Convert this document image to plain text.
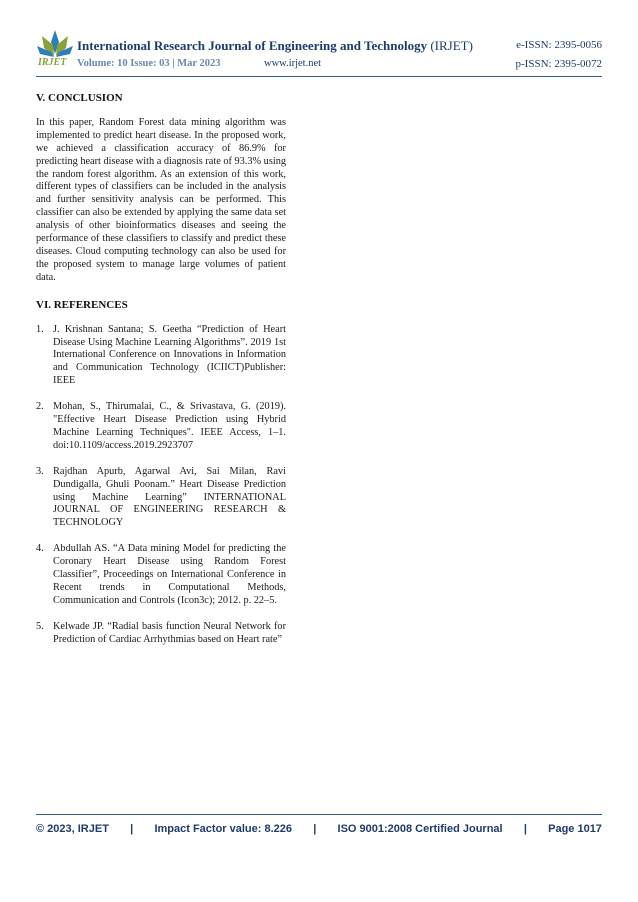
IRJET
International Research Journal of Engineering and Technology (IRJET)	e-ISSN: 2395-0056
Volume: 10 Issue: 03 | Mar 2023	www.irjet.net	p-ISSN: 2395-0072
V. CONCLUSION

In this paper, Random Forest data mining algorithm was implemented to predict heart disease. In the proposed work, we achieved a classification accuracy of 86.9% for predicting heart disease with a diagnosis rate of 93.3% using the random forest algorithm. As an extension of this work, different types of classifiers can be included in the analysis and further sensitivity analysis can be performed. This classifier can also be extended by applying the same data set analysis of other bioinformatics diseases and seeing the performance of these classifiers to classify and predict these diseases. Cloud computing technology can also be used for the proposed system to manage large volumes of patient data.

VI. REFERENCES
1. J. Krishnan Santana; S. Geetha “Prediction of Heart Disease Using Machine Learning Algorithms”. 2019 1st International Conference on Innovations in Information and Communication Technology (ICIICT)Publisher: IEEE
2. Mohan, S., Thirumalai, C., & Srivastava, G. (2019). "Effective Heart Disease Prediction using Hybrid Machine Learning Techniques". IEEE Access, 1–1. doi:10.1109/access.2019.2923707
3. Rajdhan Apurb, Agarwal Avi, Sai Milan, Ravi Dundigalla, Ghuli Poonam.” Heart Disease Prediction using Machine Learning” INTERNATIONAL JOURNAL OF ENGINEERING RESEARCH & TECHNOLOGY
4. Abdullah AS. “A Data mining Model for predicting the Coronary Heart Disease using Random Forest Classifier”, Proceedings on International Conference in Recent trends in Computational Methods, Communication and Controls (Icon3c); 2012. p. 22–5.
5. Kelwade JP. “Radial basis function Neural Network for Prediction of Cardiac Arrhythmias based on Heart rate”
© 2023, IRJET | Impact Factor value: 8.226 | ISO 9001:2008 Certified Journal | Page 1017
